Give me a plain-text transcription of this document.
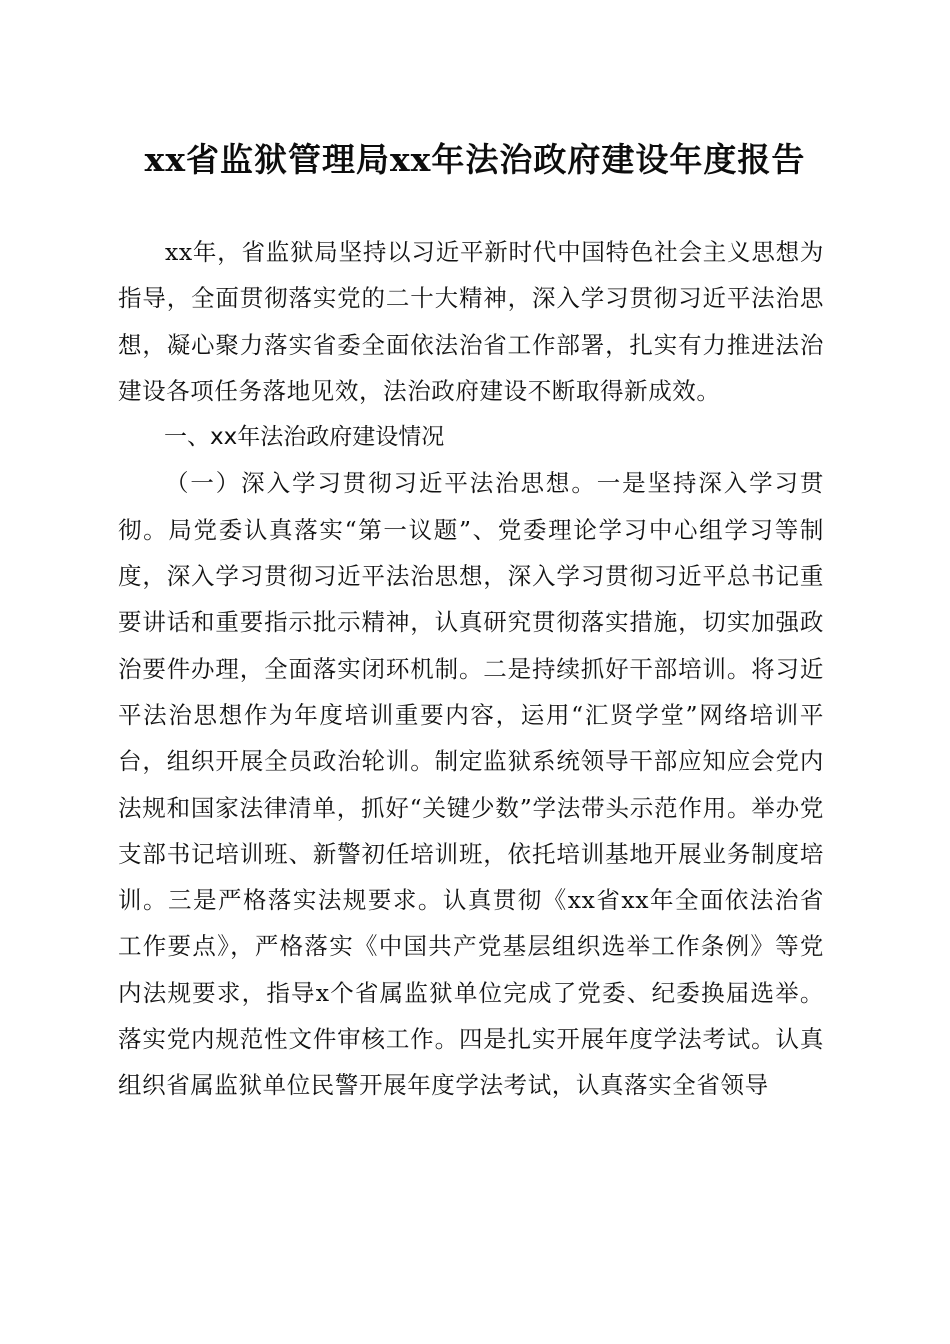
xx省监狱管理局xx年法治政府建设年度报告

xx年，省监狱局坚持以习近平新时代中国特色社会主义思想为指导，全面贯彻落实党的二十大精神，深入学习贯彻习近平法治思想，凝心聚力落实省委全面依法治省工作部署，扎实有力推进法治建设各项任务落地见效，法治政府建设不断取得新成效。

一、xx年法治政府建设情况

（一）深入学习贯彻习近平法治思想。一是坚持深入学习贯彻。局党委认真落实“第一议题”、党委理论学习中心组学习等制度，深入学习贯彻习近平法治思想，深入学习贯彻习近平总书记重要讲话和重要指示批示精神，认真研究贯彻落实措施，切实加强政治要件办理，全面落实闭环机制。二是持续抓好干部培训。将习近平法治思想作为年度培训重要内容，运用“汇贤学堂”网络培训平台，组织开展全员政治轮训。制定监狱系统领导干部应知应会党内法规和国家法律清单，抓好“关键少数”学法带头示范作用。举办党支部书记培训班、新警初任培训班，依托培训基地开展业务制度培训。三是严格落实法规要求。认真贯彻《xx省xx年全面依法治省工作要点》，严格落实《中国共产党基层组织选举工作条例》等党内法规要求，指导x个省属监狱单位完成了党委、纪委换届选举。落实党内规范性文件审核工作。四是扎实开展年度学法考试。认真组织省属监狱单位民警开展年度学法考试，认真落实全省领导
